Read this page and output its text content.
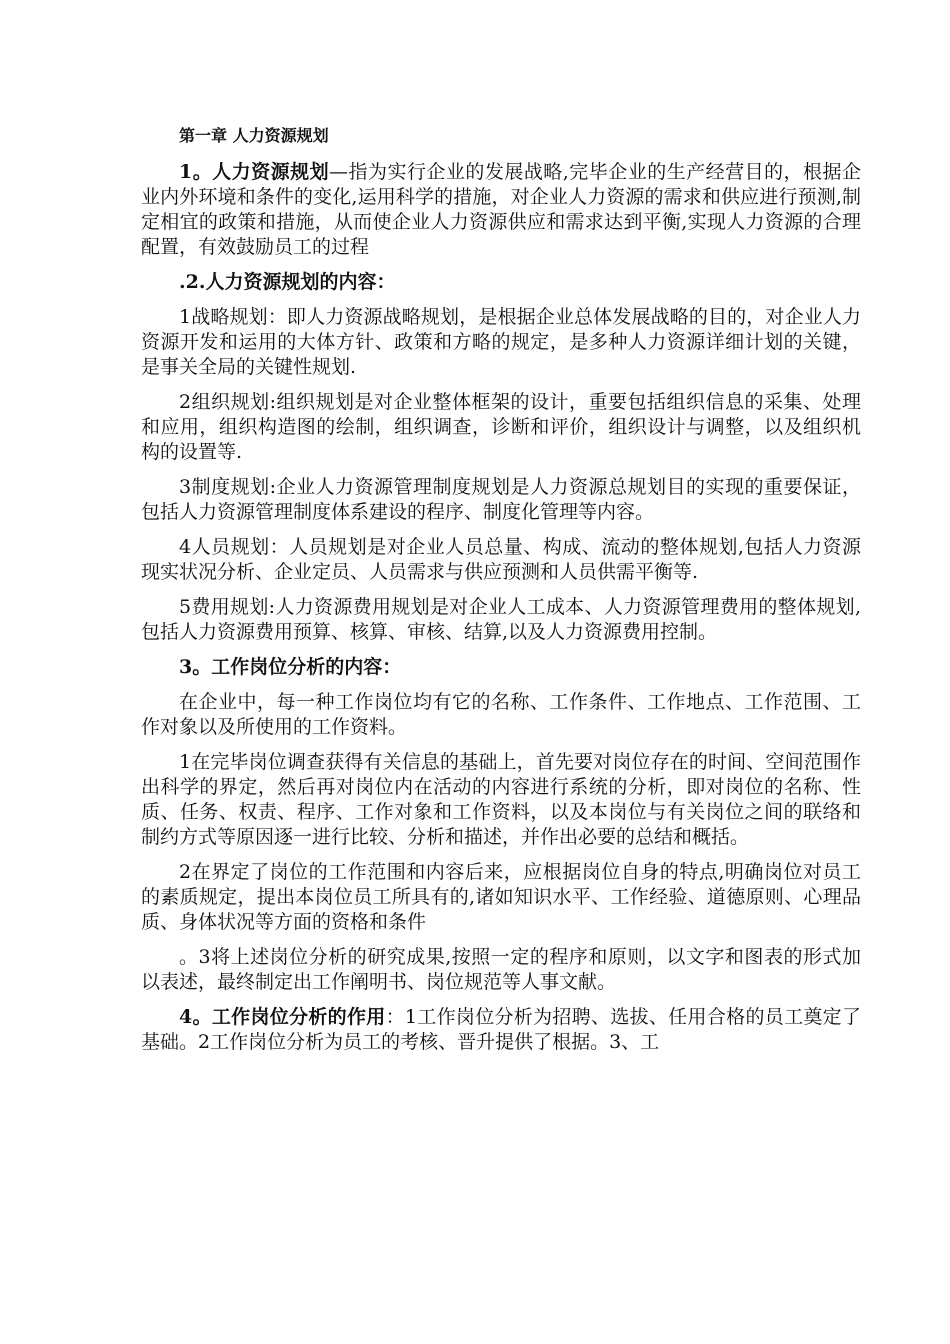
第一章 人力资源规划

1。人力资源规划—指为实行企业的发展战略,完毕企业的生产经营目的，根据企业内外环境和条件的变化,运用科学的措施，对企业人力资源的需求和供应进行预测,制定相宜的政策和措施，从而使企业人力资源供应和需求达到平衡,实现人力资源的合理配置，有效鼓励员工的过程

.2.人力资源规划的内容：

1战略规划：即人力资源战略规划，是根据企业总体发展战略的目的，对企业人力资源开发和运用的大体方针、政策和方略的规定，是多种人力资源详细计划的关键，是事关全局的关键性规划.

2组织规划:组织规划是对企业整体框架的设计，重要包括组织信息的采集、处理和应用，组织构造图的绘制，组织调查，诊断和评价，组织设计与调整，以及组织机构的设置等.

3制度规划:企业人力资源管理制度规划是人力资源总规划目的实现的重要保证，包括人力资源管理制度体系建设的程序、制度化管理等内容。

4人员规划：人员规划是对企业人员总量、构成、流动的整体规划,包括人力资源现实状况分析、企业定员、人员需求与供应预测和人员供需平衡等.

5费用规划:人力资源费用规划是对企业人工成本、人力资源管理费用的整体规划,包括人力资源费用预算、核算、审核、结算,以及人力资源费用控制。

3。工作岗位分析的内容：

在企业中，每一种工作岗位均有它的名称、工作条件、工作地点、工作范围、工作对象以及所使用的工作资料。

1在完毕岗位调查获得有关信息的基础上，首先要对岗位存在的时间、空间范围作出科学的界定，然后再对岗位内在活动的内容进行系统的分析，即对岗位的名称、性质、任务、权责、程序、工作对象和工作资料，以及本岗位与有关岗位之间的联络和制约方式等原因逐一进行比较、分析和描述，并作出必要的总结和概括。

2在界定了岗位的工作范围和内容后来，应根据岗位自身的特点,明确岗位对员工的素质规定，提出本岗位员工所具有的,诸如知识水平、工作经验、道德原则、心理品质、身体状况等方面的资格和条件

。3将上述岗位分析的研究成果,按照一定的程序和原则，以文字和图表的形式加以表述，最终制定出工作阐明书、岗位规范等人事文献。

4。工作岗位分析的作用：1工作岗位分析为招聘、选拔、任用合格的员工奠定了基础。2工作岗位分析为员工的考核、晋升提供了根据。3、工
